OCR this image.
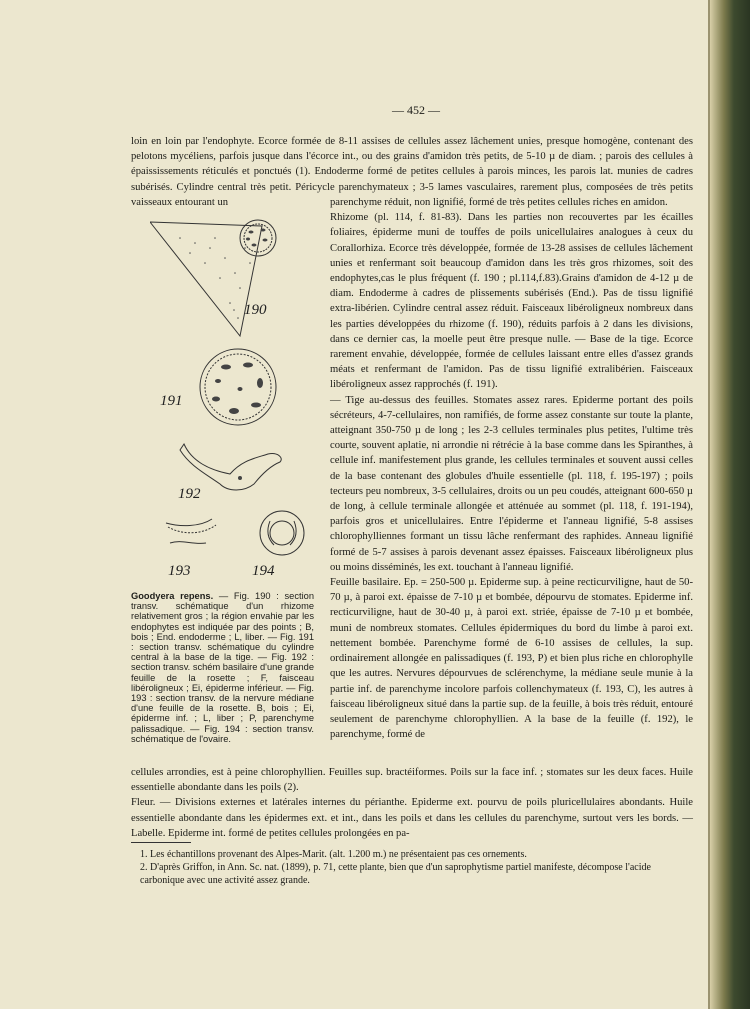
— 452 —

loin en loin par l'endophyte. Ecorce formée de 8-11 assises de cellules assez lâchement unies, presque homogène, contenant des pelotons mycéliens, parfois jusque dans l'écorce int., ou des grains d'amidon très petits, de 5-10 µ de diam. ; parois des cellules à épaississements réticulés et ponctués (1). Endoderme formé de petites cellules à parois minces, les parois lat. munies de cadres subérisés. Cylindre central très petit. Péricycle parenchymateux ; 3-5 lames vasculaires, rarement plus, composées de très petits vaisseaux entourant un	parenchyme réduit, non lignifié, formé de très petites cellules riches en amidon.
Rhizome (pl. 114, f. 81-83). Dans les parties non recouvertes par les écailles foliaires, épiderme muni de touffes de poils unicellulaires analogues à ceux du Corallorhiza. Ecorce très développée, formée de 13-28 assises de cellules lâchement unies et renfermant soit beaucoup d'amidon dans les très gros rhizomes, soit des endophytes,cas le plus fréquent (f. 190 ; pl.114,f.83).Grains d'amidon de 4-12 µ de diam. Endoderme à cadres de plissements subérisés (End.). Pas de tissu lignifié extra-libérien. Cylindre central assez réduit. Faisceaux libéroligneux nombreux dans les parties développées du rhizome (f. 190), réduits parfois à 2 dans les divisions, dans ce dernier cas, la moelle peut être presque nulle. — Base de la tige. Ecorce rarement envahie, développée, formée de cellules laissant entre elles d'assez grands méats et renfermant de l'amidon. Pas de tissu lignifié extralibérien. Faisceaux libéroligneux assez rapprochés (f. 191).
— Tige au-dessus des feuilles. Stomates assez rares. Epiderme portant des poils sécréteurs, 4-7-cellulaires, non ramifiés, de forme assez constante sur toute la plante, atteignant 350-750 µ de long ; les 2-3 cellules terminales plus petites, l'ultime très courte, souvent aplatie, ni arrondie ni rétrécie à la base comme dans les Spiranthes, à cellule inf. manifestement plus grande, les cellules terminales et souvent aussi celles de la base contenant des globules d'huile essentielle (pl. 118, f. 195-197) ; poils tecteurs peu nombreux, 3-5 cellulaires, droits ou un peu coudés, atteignant 600-650 µ de long, à cellule terminale allongée et atténuée au sommet (pl. 118, f. 191-194), parfois gros et unicellulaires. Entre l'épiderme et l'anneau lignifié, 5-8 assises chlorophylliennes formant un tissu lâche renfermant des raphides. Anneau lignifié formé de 5-7 assises à parois devenant assez épaisses. Faisceaux libéroligneux plus ou moins disséminés, les ext. touchant à l'anneau lignifié.
Feuille basilaire. Ep. = 250-500 µ. Epiderme sup. à peine recticurviligne, haut de 50-70 µ, à paroi ext. épaisse de 7-10 µ et bombée, dépourvu de stomates. Epiderme inf. recticurviligne, haut de 30-40 µ, à paroi ext. striée, épaisse de 7-10 µ et bombée, muni de nombreux stomates. Cellules épidermiques du bord du limbe à paroi ext. nettement bombée. Parenchyme formé de 6-10 assises de cellules, la sup. ordinairement allongée en palissadiques (f. 193, P) et bien plus riche en chlorophylle que les autres. Nervures dépourvues de sclérenchyme, la médiane seule munie à la partie inf. de parenchyme incolore parfois collenchymateux (f. 193, C), les autres à faisceau libéroligneux situé dans la partie sup. de la feuille, à bois très réduit, entouré seulement de parenchyme chlorophyllien. A la base de la feuille (f. 192), le parenchyme, formé de

190
191
192
193	194
Goodyera repens. — Fig. 190 : section transv. schématique d'un rhizome relativement gros ; la région envahie par les endophytes est indiquée par des points ; B, bois ; End. endoderme ; L, liber. — Fig. 191 : section transv. schématique du cylindre central à la base de la tige. — Fig. 192 : section transv. schém basilaire d'une grande feuille de la rosette ; F, faisceau libéroligneux ; Ei, épiderme inférieur. — Fig. 193 : section transv. de la nervure médiane d'une feuille de la rosette. B, bois ; Ei, épiderme inf. ; L, liber ; P, parenchyme palissadique. — Fig. 194 : section transv. schématique de l'ovaire.

cellules arrondies, est à peine chlorophyllien. Feuilles sup. bractéiformes. Poils sur la face inf. ; stomates sur les deux faces. Huile essentielle abondante dans les poils (2).
Fleur. — Divisions externes et latérales internes du périanthe. Epiderme ext. pourvu de poils pluricellulaires abondants. Huile essentielle abondante dans les épidermes ext. et int., dans les poils et dans les cellules du parenchyme, surtout vers les bords. — Labelle. Epiderme int. formé de petites cellules prolongées en pa-

1. Les échantillons provenant des Alpes-Marit. (alt. 1.200 m.) ne présentaient pas ces ornements.

2. D'après Griffon, in Ann. Sc. nat. (1899), p. 71, cette plante, bien que d'un saprophytisme partiel manifeste, décompose l'acide carbonique avec une activité assez grande.
